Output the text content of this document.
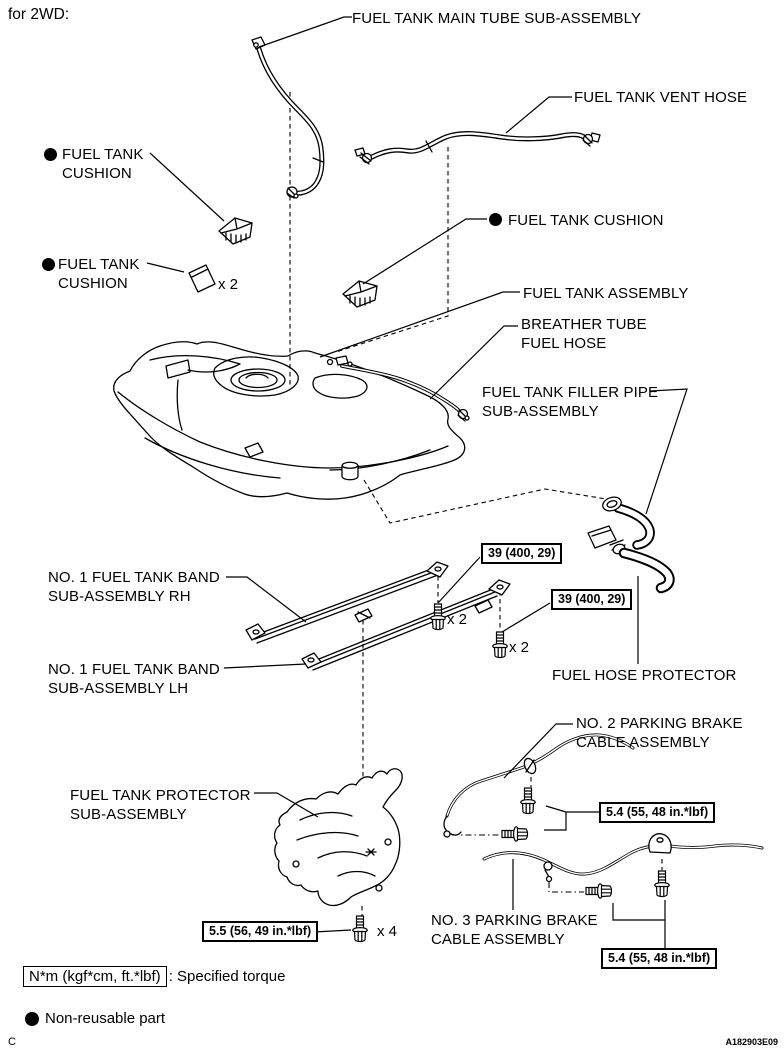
for 2WD:	FUEL TANK MAIN TUBE SUB-ASSEMBLY
FUEL TANK VENT HOSE
FUEL TANK
CUSHION
FUEL TANK
CUSHION	x 2
FUEL TANK CUSHION
FUEL TANK ASSEMBLY
BREATHER TUBE
FUEL HOSE
FUEL TANK FILLER PIPE
SUB-ASSEMBLY
NO. 1 FUEL TANK BAND
SUB-ASSEMBLY RH
NO. 1 FUEL TANK BAND
SUB-ASSEMBLY LH
FUEL HOSE PROTECTOR
NO. 2 PARKING BRAKE
CABLE ASSEMBLY
NO. 3 PARKING BRAKE
CABLE ASSEMBLY
FUEL TANK PROTECTOR
SUB-ASSEMBLY
39 (400, 29)
x 2
39 (400, 29)
x 2
5.4 (55, 48 in.*lbf)
5.4 (55, 48 in.*lbf)
5.5 (56, 49 in.*lbf)	x 4
N*m (kgf*cm, ft.*lbf) : Specified torque
Non-reusable part
C	A182903E09
